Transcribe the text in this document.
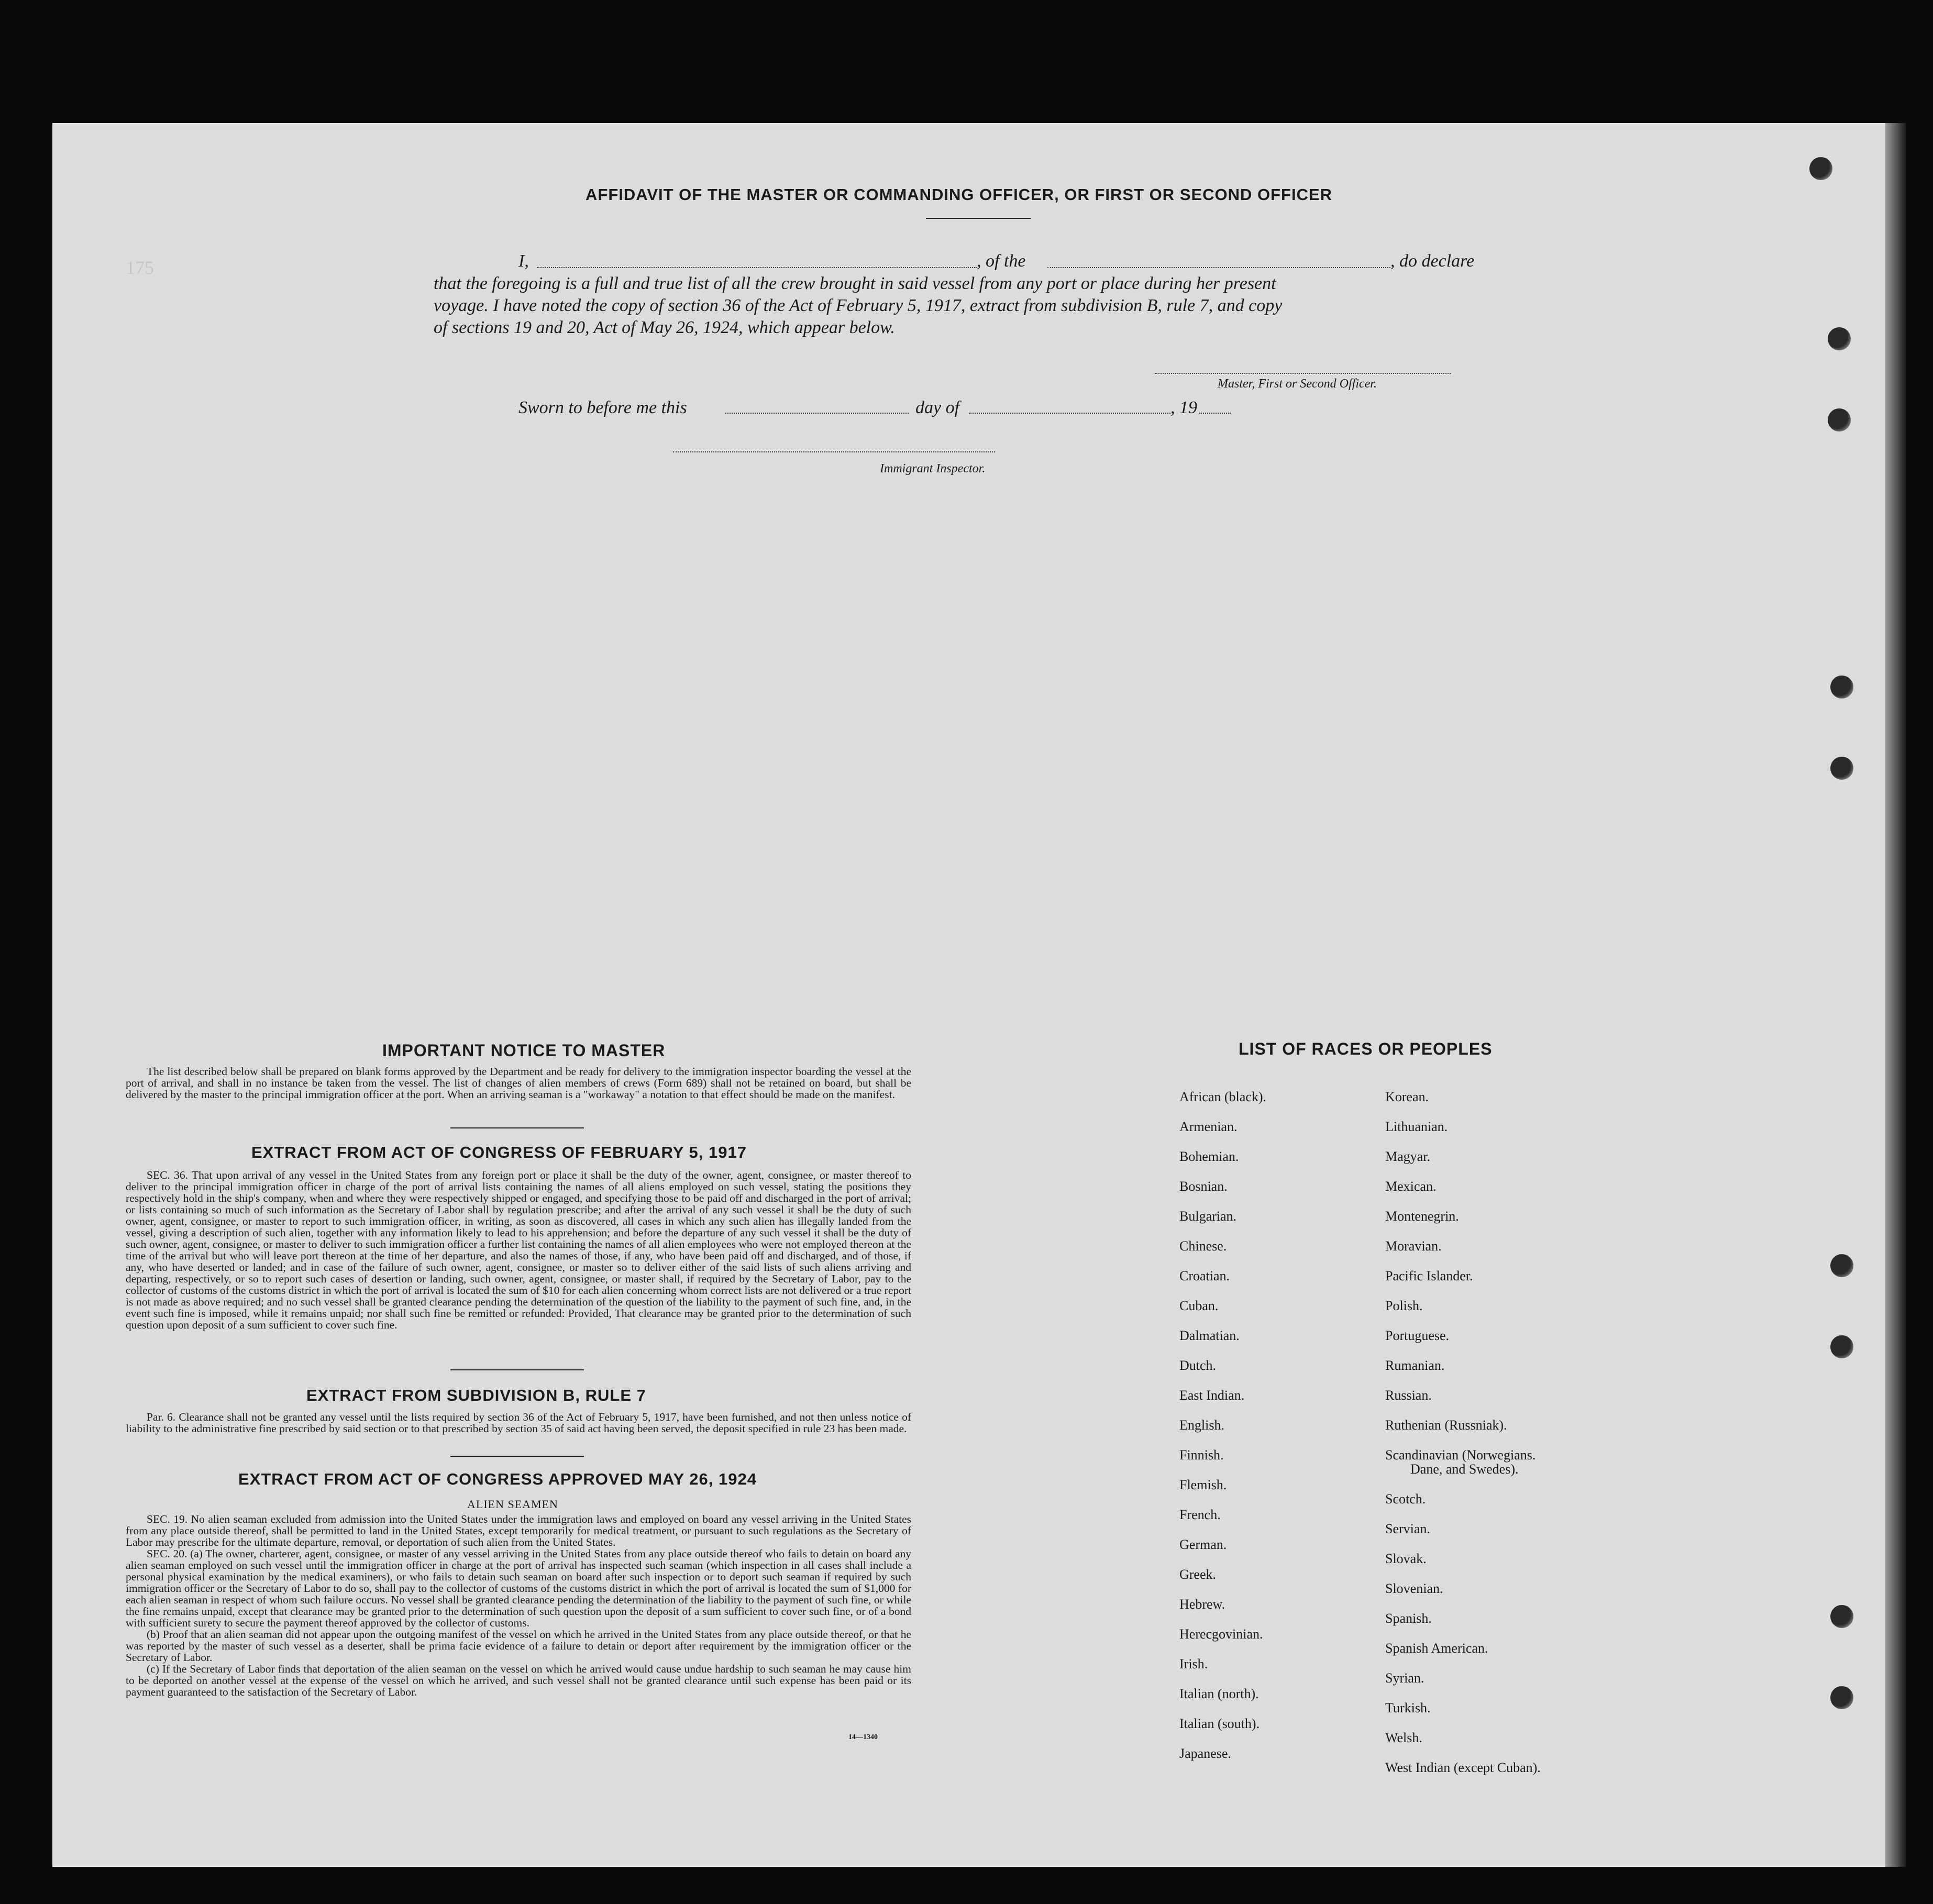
175
AFFIDAVIT OF THE MASTER OR COMMANDING OFFICER, OR FIRST OR SECOND OFFICER
I,	, of the	, do declare
that the foregoing is a full and true list of all the crew brought in said vessel from any port or place during her present
voyage. I have noted the copy of section 36 of the Act of February 5, 1917, extract from subdivision B, rule 7, and copy
of sections 19 and 20, Act of May 26, 1924, which appear below.
Master, First or Second Officer.
Sworn to before me this	day of	, 19
Immigrant Inspector.
IMPORTANT NOTICE TO MASTER

The list described below shall be prepared on blank forms approved by the Department and be ready for delivery to the immigration inspector boarding the vessel at the port of arrival, and shall in no instance be taken from the vessel. The list of changes of alien members of crews (Form 689) shall not be retained on board, but shall be delivered by the master to the principal immigration officer at the port. When an arriving seaman is a "workaway" a notation to that effect should be made on the manifest.

EXTRACT FROM ACT OF CONGRESS OF FEBRUARY 5, 1917

SEC. 36. That upon arrival of any vessel in the United States from any foreign port or place it shall be the duty of the owner, agent, consignee, or master thereof to deliver to the principal immigration officer in charge of the port of arrival lists containing the names of all aliens employed on such vessel, stating the positions they respectively hold in the ship's company, when and where they were respectively shipped or engaged, and specifying those to be paid off and discharged in the port of arrival; or lists containing so much of such information as the Secretary of Labor shall by regulation prescribe; and after the arrival of any such vessel it shall be the duty of such owner, agent, consignee, or master to report to such immigration officer, in writing, as soon as discovered, all cases in which any such alien has illegally landed from the vessel, giving a description of such alien, together with any information likely to lead to his apprehension; and before the departure of any such vessel it shall be the duty of such owner, agent, consignee, or master to deliver to such immigration officer a further list containing the names of all alien employees who were not employed thereon at the time of the arrival but who will leave port thereon at the time of her departure, and also the names of those, if any, who have been paid off and discharged, and of those, if any, who have deserted or landed; and in case of the failure of such owner, agent, consignee, or master so to deliver either of the said lists of such aliens arriving and departing, respectively, or so to report such cases of desertion or landing, such owner, agent, consignee, or master shall, if required by the Secretary of Labor, pay to the collector of customs of the customs district in which the port of arrival is located the sum of $10 for each alien concerning whom correct lists are not delivered or a true report is not made as above required; and no such vessel shall be granted clearance pending the determination of the question of the liability to the payment of such fine, and, in the event such fine is imposed, while it remains unpaid; nor shall such fine be remitted or refunded: Provided, That clearance may be granted prior to the determination of such question upon deposit of a sum sufficient to cover such fine.

EXTRACT FROM SUBDIVISION B, RULE 7

Par. 6. Clearance shall not be granted any vessel until the lists required by section 36 of the Act of February 5, 1917, have been furnished, and not then unless notice of liability to the administrative fine prescribed by said section or to that prescribed by section 35 of said act having been served, the deposit specified in rule 23 has been made.

EXTRACT FROM ACT OF CONGRESS APPROVED MAY 26, 1924
ALIEN SEAMEN

SEC. 19. No alien seaman excluded from admission into the United States under the immigration laws and employed on board any vessel arriving in the United States from any place outside thereof, shall be permitted to land in the United States, except temporarily for medical treatment, or pursuant to such regulations as the Secretary of Labor may prescribe for the ultimate departure, removal, or deportation of such alien from the United States.

SEC. 20. (a) The owner, charterer, agent, consignee, or master of any vessel arriving in the United States from any place outside thereof who fails to detain on board any alien seaman employed on such vessel until the immigration officer in charge at the port of arrival has inspected such seaman (which inspection in all cases shall include a personal physical examination by the medical examiners), or who fails to detain such seaman on board after such inspection or to deport such seaman if required by such immigration officer or the Secretary of Labor to do so, shall pay to the collector of customs of the customs district in which the port of arrival is located the sum of $1,000 for each alien seaman in respect of whom such failure occurs. No vessel shall be granted clearance pending the determination of the liability to the payment of such fine, or while the fine remains unpaid, except that clearance may be granted prior to the determination of such question upon the deposit of a sum sufficient to cover such fine, or of a bond with sufficient surety to secure the payment thereof approved by the collector of customs.

(b) Proof that an alien seaman did not appear upon the outgoing manifest of the vessel on which he arrived in the United States from any place outside thereof, or that he was reported by the master of such vessel as a deserter, shall be prima facie evidence of a failure to detain or deport after requirement by the immigration officer or the Secretary of Labor.

(c) If the Secretary of Labor finds that deportation of the alien seaman on the vessel on which he arrived would cause undue hardship to such seaman he may cause him to be deported on another vessel at the expense of the vessel on which he arrived, and such vessel shall not be granted clearance until such expense has been paid or its payment guaranteed to the satisfaction of the Secretary of Labor.

14—1340
LIST OF RACES OR PEOPLES
African (black).
Armenian.
Bohemian.
Bosnian.
Bulgarian.
Chinese.
Croatian.
Cuban.
Dalmatian.
Dutch.
East Indian.
English.
Finnish.
Flemish.
French.
German.
Greek.
Hebrew.
Herecgovinian.
Irish.
Italian (north).
Italian (south).
Japanese.
Korean.
Lithuanian.
Magyar.
Mexican.
Montenegrin.
Moravian.
Pacific Islander.
Polish.
Portuguese.
Rumanian.
Russian.
Ruthenian (Russniak).
Scandinavian (Norwegians.
Dane, and Swedes).
Scotch.
Servian.
Slovak.
Slovenian.
Spanish.
Spanish American.
Syrian.
Turkish.
Welsh.
West Indian (except Cuban).
